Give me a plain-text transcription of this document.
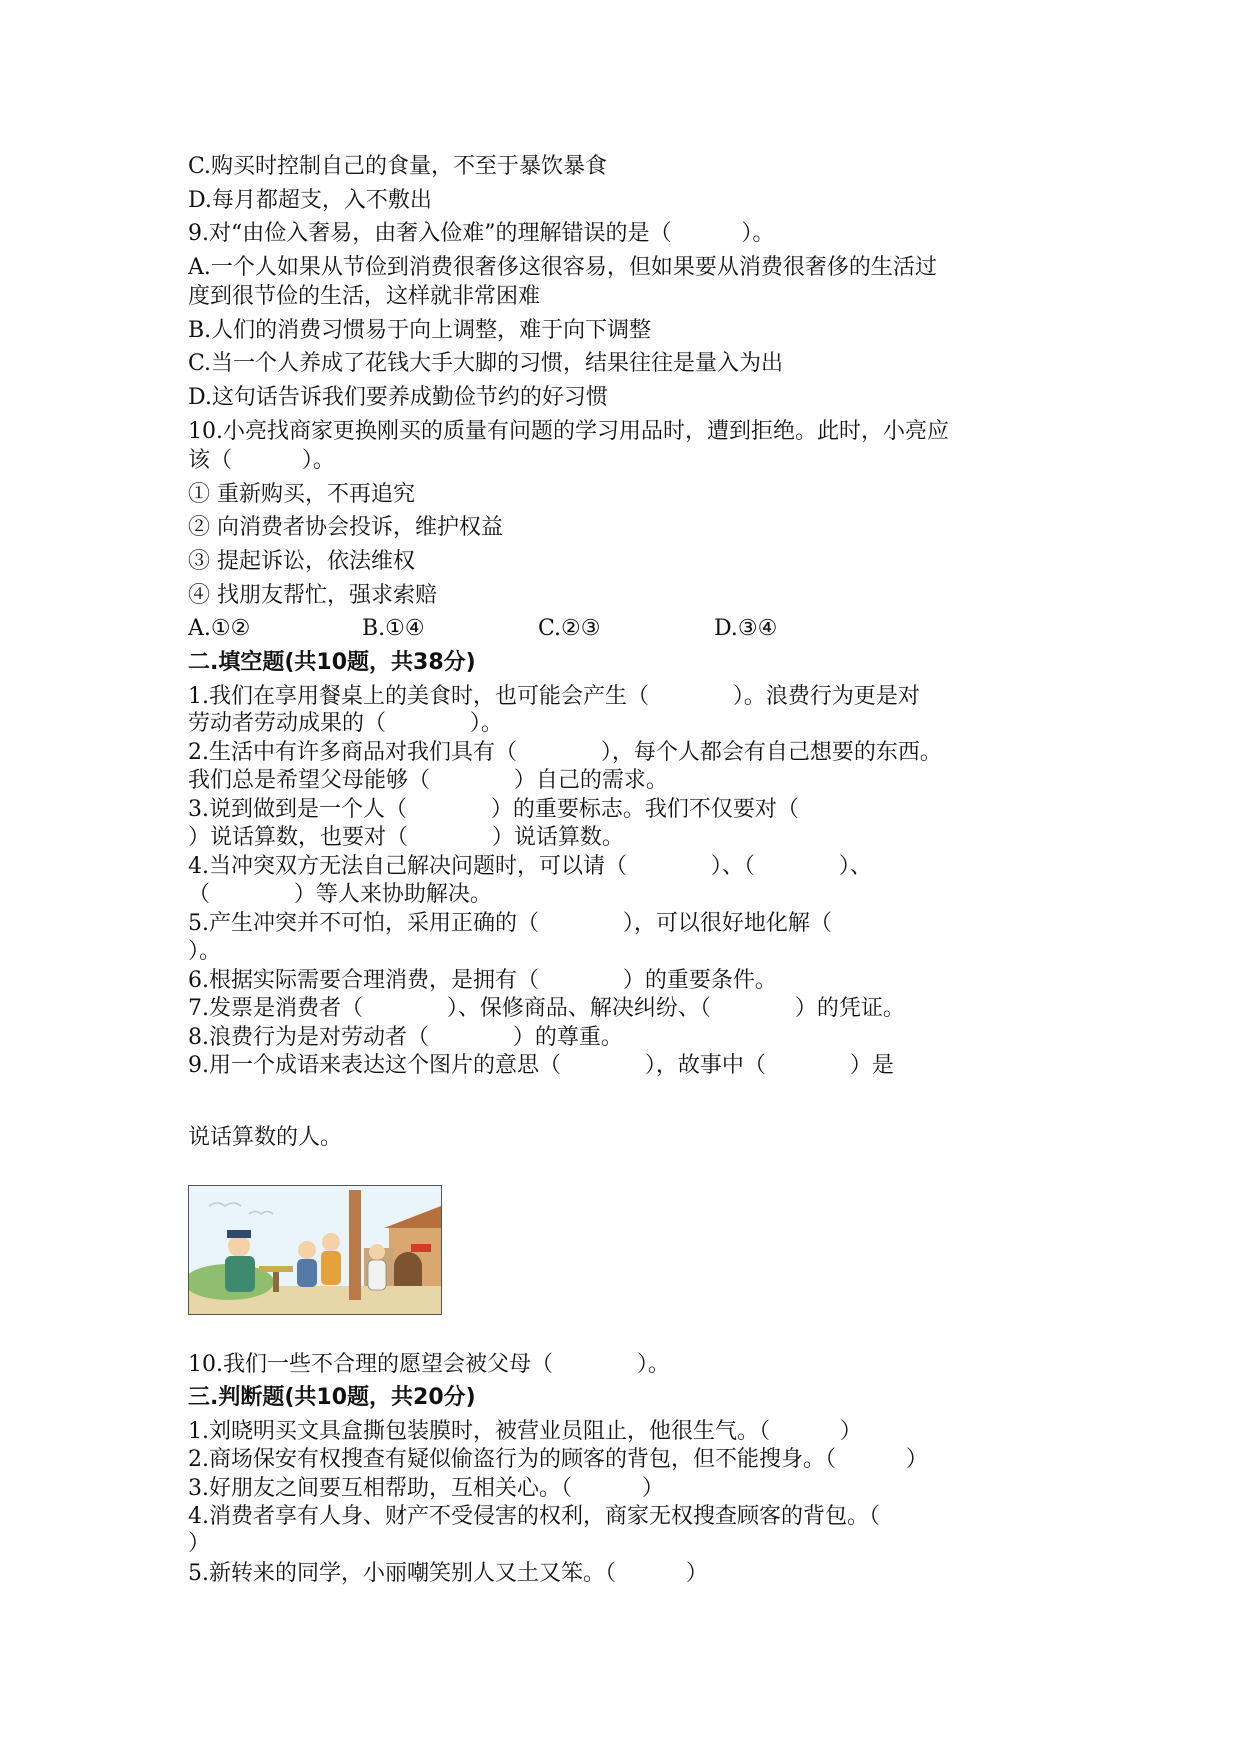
C.购买时控制自己的食量，不至于暴饮暴食

D.每月都超支，入不敷出

9.对“由俭入奢易，由奢入俭难”的理解错误的是（          ）。

A.一个人如果从节俭到消费很奢侈这很容易，但如果要从消费很奢侈的生活过

度到很节俭的生活，这样就非常困难

B.人们的消费习惯易于向上调整，难于向下调整

C.当一个人养成了花钱大手大脚的习惯，结果往往是量入为出

D.这句话告诉我们要养成勤俭节约的好习惯

10.小亮找商家更换刚买的质量有问题的学习用品时，遭到拒绝。此时，小亮应

该（          ）。

① 重新购买，不再追究

② 向消费者协会投诉，维护权益

③ 提起诉讼，依法维权

④ 找朋友帮忙，强求索赔

A.①②

	B.①④

	C.②③

	D.③④

二.填空题(共10题，共38分)

1.我们在享用餐桌上的美食时，也可能会产生（            ）。浪费行为更是对

劳动者劳动成果的（            ）。

2.生活中有许多商品对我们具有（            ），每个人都会有自己想要的东西。

我们总是希望父母能够（            ）自己的需求。

3.说到做到是一个人（            ）的重要标志。我们不仅要对（

）说话算数，也要对（            ）说话算数。

4.当冲突双方无法自己解决问题时，可以请（            ）、（            ）、

（            ）等人来协助解决。

5.产生冲突并不可怕，采用正确的（            ），可以很好地化解（

）。

6.根据实际需要合理消费，是拥有（            ）的重要条件。

7.发票是消费者（            ）、保修商品、解决纠纷、（            ）的凭证。

8.浪费行为是对劳动者（            ）的尊重。

9.用一个成语来表达这个图片的意思（            ），故事中（            ）是

说话算数的人。

10.我们一些不合理的愿望会被父母（            ）。

三.判断题(共10题，共20分)

1.刘晓明买文具盒撕包装膜时，被营业员阻止，他很生气。（          ）

2.商场保安有权搜查有疑似偷盗行为的顾客的背包，但不能搜身。（          ）

3.好朋友之间要互相帮助，互相关心。（          ）

4.消费者享有人身、财产不受侵害的权利，商家无权搜查顾客的背包。（

）

5.新转来的同学，小丽嘲笑别人又土又笨。（          ）
